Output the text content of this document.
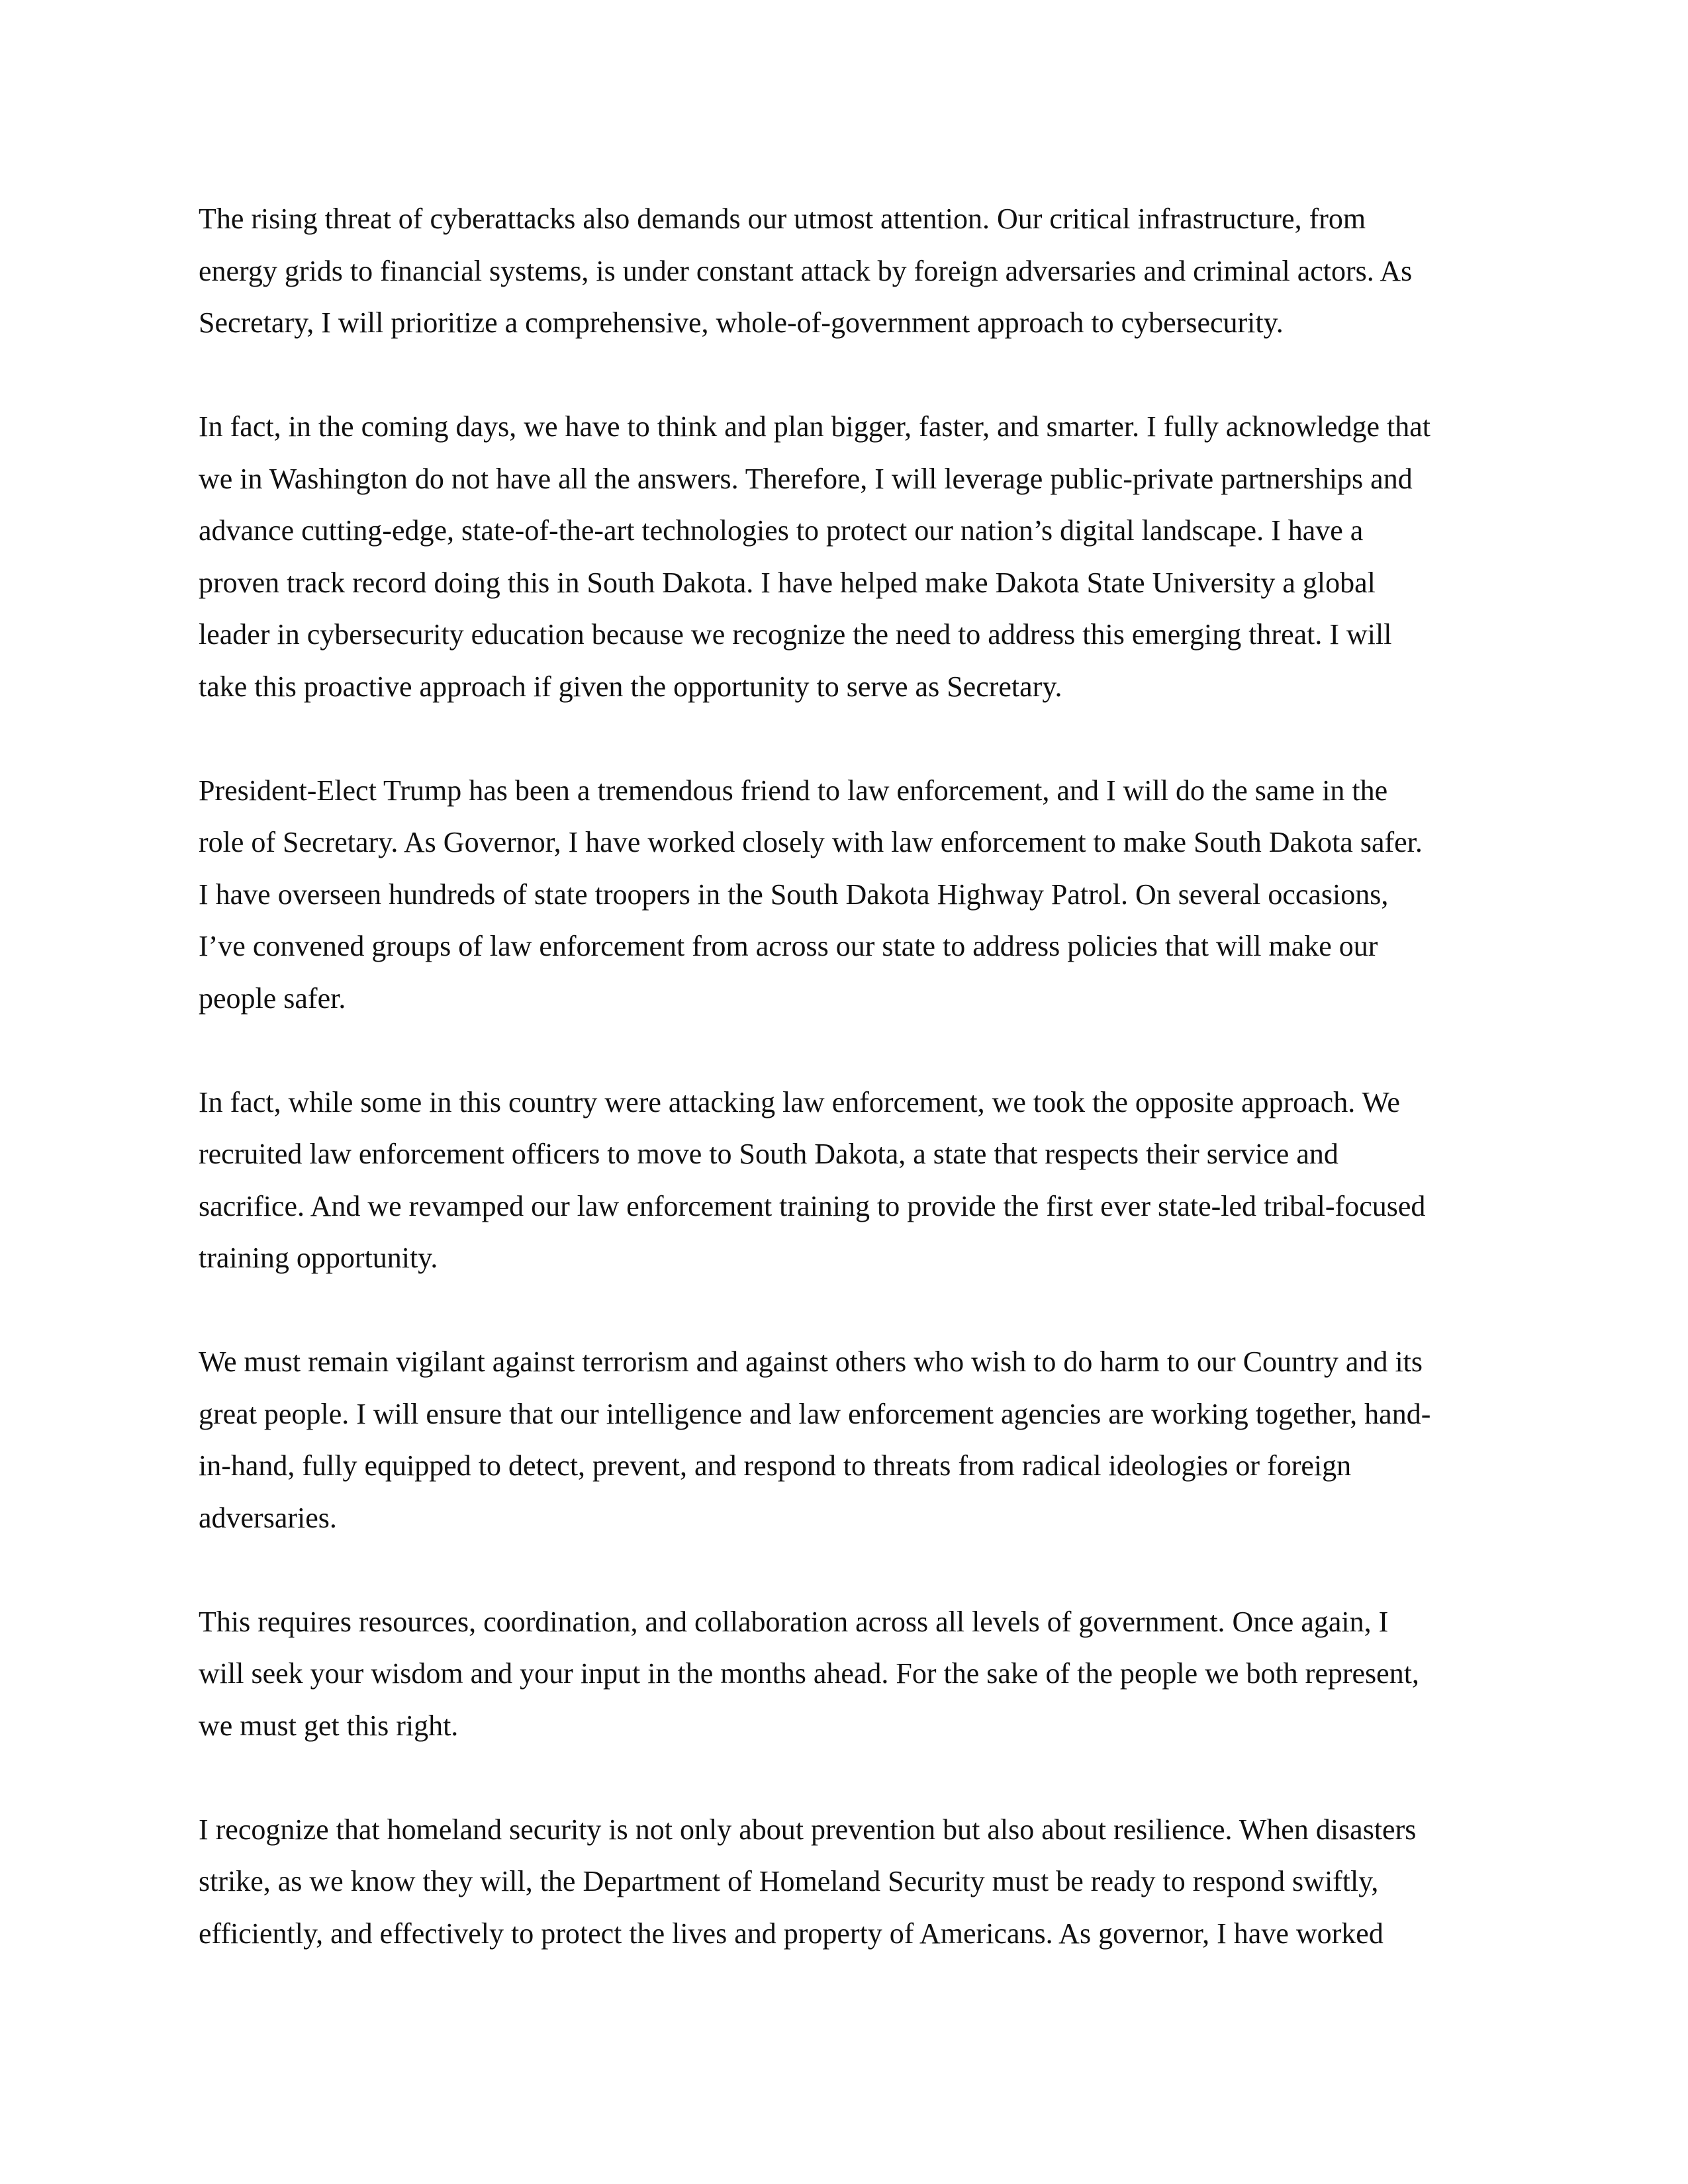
The rising threat of cyberattacks also demands our utmost attention. Our critical infrastructure, from
energy grids to financial systems, is under constant attack by foreign adversaries and criminal actors. As
Secretary, I will prioritize a comprehensive, whole-of-government approach to cybersecurity.

In fact, in the coming days, we have to think and plan bigger, faster, and smarter. I fully acknowledge that
we in Washington do not have all the answers. Therefore, I will leverage public-private partnerships and
advance cutting-edge, state-of-the-art technologies to protect our nation’s digital landscape. I have a
proven track record doing this in South Dakota. I have helped make Dakota State University a global
leader in cybersecurity education because we recognize the need to address this emerging threat. I will
take this proactive approach if given the opportunity to serve as Secretary.

President-Elect Trump has been a tremendous friend to law enforcement, and I will do the same in the
role of Secretary. As Governor, I have worked closely with law enforcement to make South Dakota safer.
I have overseen hundreds of state troopers in the South Dakota Highway Patrol. On several occasions,
I’ve convened groups of law enforcement from across our state to address policies that will make our
people safer.

In fact, while some in this country were attacking law enforcement, we took the opposite approach. We
recruited law enforcement officers to move to South Dakota, a state that respects their service and
sacrifice. And we revamped our law enforcement training to provide the first ever state-led tribal-focused
training opportunity.

We must remain vigilant against terrorism and against others who wish to do harm to our Country and its
great people. I will ensure that our intelligence and law enforcement agencies are working together, hand-
in-hand, fully equipped to detect, prevent, and respond to threats from radical ideologies or foreign
adversaries.

This requires resources, coordination, and collaboration across all levels of government. Once again, I
will seek your wisdom and your input in the months ahead. For the sake of the people we both represent,
we must get this right.

I recognize that homeland security is not only about prevention but also about resilience. When disasters
strike, as we know they will, the Department of Homeland Security must be ready to respond swiftly,
efficiently, and effectively to protect the lives and property of Americans. As governor, I have worked
